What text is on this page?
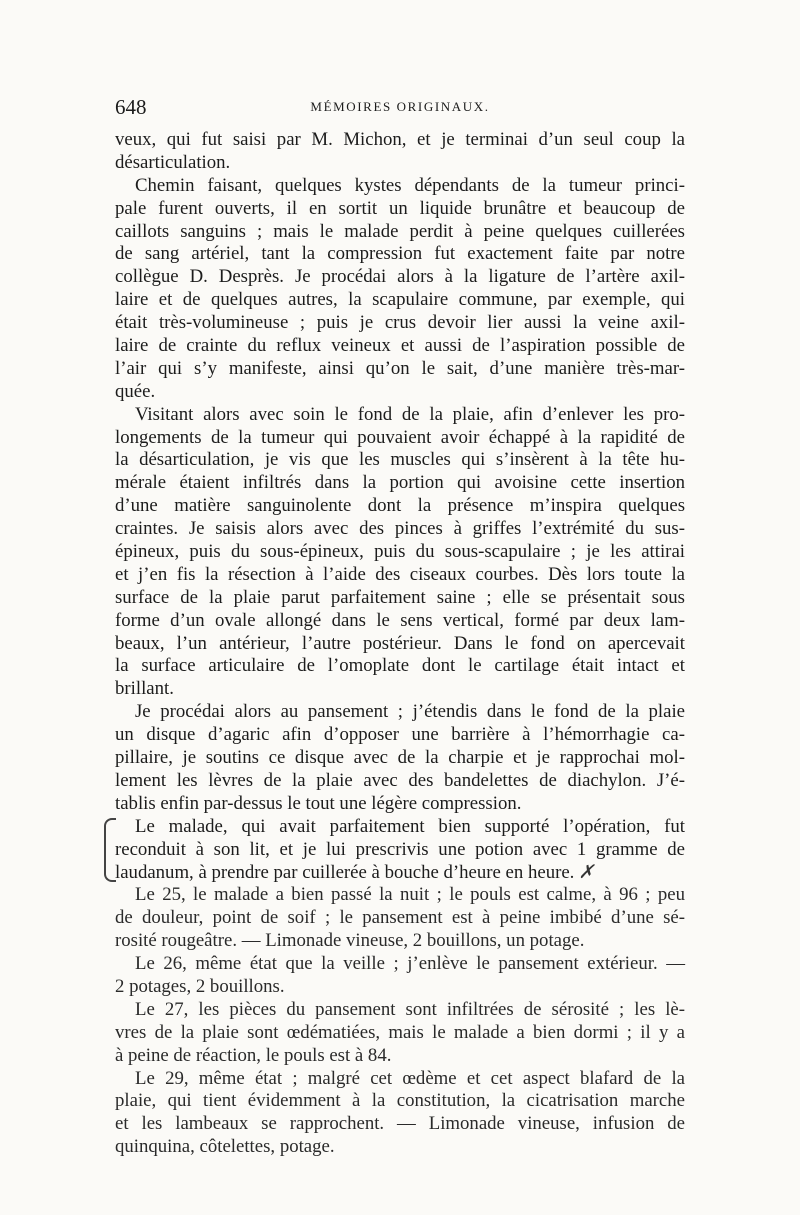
648	MÉMOIRES ORIGINAUX.
veux, qui fut saisi par M. Michon, et je terminai d’un seul coup la
désarticulation.
Chemin faisant, quelques kystes dépendants de la tumeur princi-
pale furent ouverts, il en sortit un liquide brunâtre et beaucoup de
caillots sanguins ; mais le malade perdit à peine quelques cuillerées
de sang artériel, tant la compression fut exactement faite par notre
collègue D. Desprès. Je procédai alors à la ligature de l’artère axil-
laire et de quelques autres, la scapulaire commune, par exemple, qui
était très-volumineuse ; puis je crus devoir lier aussi la veine axil-
laire de crainte du reflux veineux et aussi de l’aspiration possible de
l’air qui s’y manifeste, ainsi qu’on le sait, d’une manière très-mar-
quée.
Visitant alors avec soin le fond de la plaie, afin d’enlever les pro-
longements de la tumeur qui pouvaient avoir échappé à la rapidité de
la désarticulation, je vis que les muscles qui s’insèrent à la tête hu-
mérale étaient infiltrés dans la portion qui avoisine cette insertion
d’une matière sanguinolente dont la présence m’inspira quelques
craintes. Je saisis alors avec des pinces à griffes l’extrémité du sus-
épineux, puis du sous-épineux, puis du sous-scapulaire ; je les attirai
et j’en fis la résection à l’aide des ciseaux courbes. Dès lors toute la
surface de la plaie parut parfaitement saine ; elle se présentait sous
forme d’un ovale allongé dans le sens vertical, formé par deux lam-
beaux, l’un antérieur, l’autre postérieur. Dans le fond on apercevait
la surface articulaire de l’omoplate dont le cartilage était intact et
brillant.
Je procédai alors au pansement ; j’étendis dans le fond de la plaie
un disque d’agaric afin d’opposer une barrière à l’hémorrhagie ca-
pillaire, je soutins ce disque avec de la charpie et je rapprochai mol-
lement les lèvres de la plaie avec des bandelettes de diachylon. J’é-
tablis enfin par-dessus le tout une légère compression.
Le malade, qui avait parfaitement bien supporté l’opération, fut
reconduit à son lit, et je lui prescrivis une potion avec 1 gramme de
laudanum, à prendre par cuillerée à bouche d’heure en heure. ✗
Le 25, le malade a bien passé la nuit ; le pouls est calme, à 96 ; peu
de douleur, point de soif ; le pansement est à peine imbibé d’une sé-
rosité rougeâtre. — Limonade vineuse, 2 bouillons, un potage.
Le 26, même état que la veille ; j’enlève le pansement extérieur. —
2 potages, 2 bouillons.
Le 27, les pièces du pansement sont infiltrées de sérosité ; les lè-
vres de la plaie sont œdématiées, mais le malade a bien dormi ; il y a
à peine de réaction, le pouls est à 84.
Le 29, même état ; malgré cet œdème et cet aspect blafard de la
plaie, qui tient évidemment à la constitution, la cicatrisation marche
et les lambeaux se rapprochent. — Limonade vineuse, infusion de
quinquina, côtelettes, potage.
